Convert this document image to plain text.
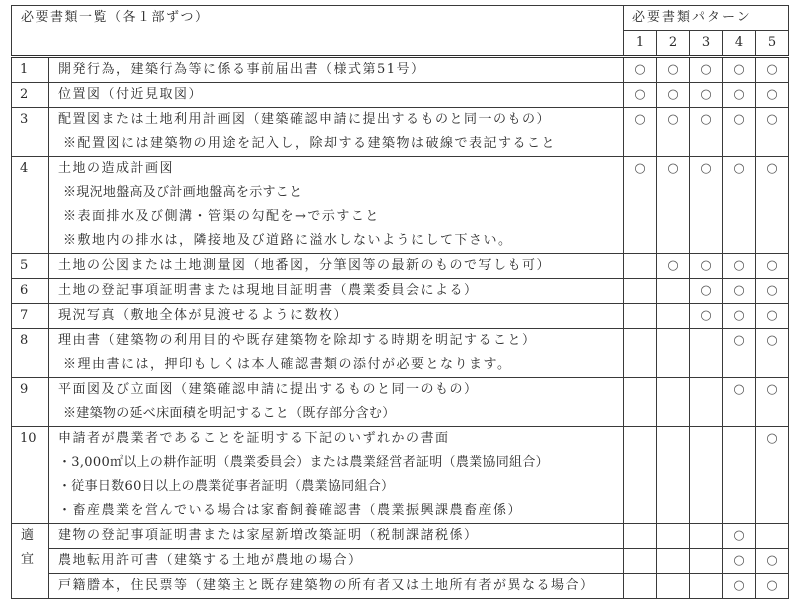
必要書類一覧（各１部ずつ）		必要書類パターン				
		1	2	3	4	5
1	開発行為，建築行為等に係る事前届出書（様式第51号）	○	○	○	○	○
2	位置図（付近見取図）	○	○	○	○	○
3	配置図または土地利用計画図（建築確認申請に提出するものと同一のもの）
※配置図には建築物の用途を記入し，除却する建築物は破線で表記すること	○	○	○	○	○
4	土地の造成計画図
※現況地盤高及び計画地盤高を示すこと
※表面排水及び側溝・管渠の勾配を→で示すこと
※敷地内の排水は，隣接地及び道路に溢水しないようにして下さい。	○	○	○	○	○
5	土地の公図または土地測量図（地番図，分筆図等の最新のもので写しも可）		○	○	○	○
6	土地の登記事項証明書または現地目証明書（農業委員会による）			○	○	○
7	現況写真（敷地全体が見渡せるように数枚）			○	○	○
8	理由書（建築物の利用目的や既存建築物を除却する時期を明記すること）
※理由書には，押印もしくは本人確認書類の添付が必要となります。				○	○
9	平面図及び立面図（建築確認申請に提出するものと同一のもの）
※建築物の延べ床面積を明記すること（既存部分含む）				○	○
10	申請者が農業者であることを証明する下記のいずれかの書面
・3,000㎡以上の耕作証明（農業委員会）または農業経営者証明（農業協同組合）
・従事日数60日以上の農業従事者証明（農業協同組合）
・畜産農業を営んでいる場合は家畜飼養確認書（農業振興課農畜産係）					○

適
宜	建物の登記事項証明書または家屋新増改築証明（税制課諸税係）				○	

	農地転用許可書（建築する土地が農地の場合）				○	○

	戸籍謄本，住民票等（建築主と既存建築物の所有者又は土地所有者が異なる場合）				○	○
